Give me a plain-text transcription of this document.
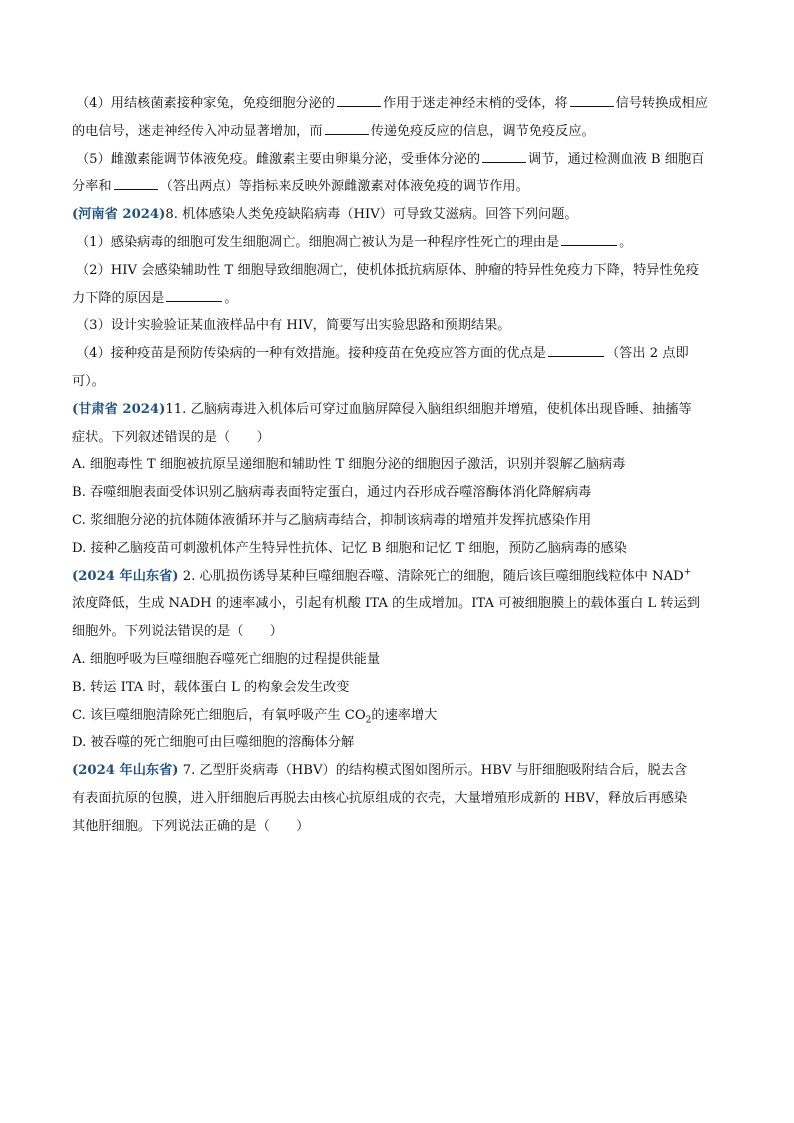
（4）用结核菌素接种家兔，免疫细胞分泌的	作用于迷走神经末梢的受体，将	信号转换成相应
的电信号，迷走神经传入冲动显著增加，而	传递免疫反应的信息，调节免疫反应。
（5）雌激素能调节体液免疫。雌激素主要由卵巢分泌，受垂体分泌的	调节，通过检测血液 B 细胞百
分率和	（答出两点）等指标来反映外源雌激素对体液免疫的调节作用。
(河南省 2024)8. 机体感染人类免疫缺陷病毒（HIV）可导致艾滋病。回答下列问题。
（1）感染病毒的细胞可发生细胞凋亡。细胞凋亡被认为是一种程序性死亡的理由是	。
（2）HIV 会感染辅助性 T 细胞导致细胞凋亡，使机体抵抗病原体、肿瘤的特异性免疫力下降，特异性免疫
力下降的原因是	。
（3）设计实验验证某血液样品中有 HIV，简要写出实验思路和预期结果。
（4）接种疫苗是预防传染病的一种有效措施。接种疫苗在免疫应答方面的优点是	（答出 2 点即
可）。
(甘肃省 2024)11. 乙脑病毒进入机体后可穿过血脑屏障侵入脑组织细胞并增殖，使机体出现昏睡、抽搐等
症状。下列叙述错误的是（　　）
A. 细胞毒性 T 细胞被抗原呈递细胞和辅助性 T 细胞分泌的细胞因子激活，识别并裂解乙脑病毒
B. 吞噬细胞表面受体识别乙脑病毒表面特定蛋白，通过内吞形成吞噬溶酶体消化降解病毒
C. 浆细胞分泌的抗体随体液循环并与乙脑病毒结合，抑制该病毒的增殖并发挥抗感染作用
D. 接种乙脑疫苗可刺激机体产生特异性抗体、记忆 B 细胞和记忆 T 细胞，预防乙脑病毒的感染
(2024 年山东省) 2. 心肌损伤诱导某种巨噬细胞吞噬、清除死亡的细胞，随后该巨噬细胞线粒体中 NAD+
浓度降低，生成 NADH 的速率减小，引起有机酸 ITA 的生成增加。ITA 可被细胞膜上的载体蛋白 L 转运到
细胞外。下列说法错误的是（　　）
A. 细胞呼吸为巨噬细胞吞噬死亡细胞的过程提供能量
B. 转运 ITA 时，载体蛋白 L 的构象会发生改变
C. 该巨噬细胞清除死亡细胞后，有氧呼吸产生 $CO_2$的速率增大
D. 被吞噬的死亡细胞可由巨噬细胞的溶酶体分解
(2024 年山东省) 7. 乙型肝炎病毒（HBV）的结构模式图如图所示。HBV 与肝细胞吸附结合后，脱去含
有表面抗原的包膜，进入肝细胞后再脱去由核心抗原组成的衣壳，大量增殖形成新的 HBV，释放后再感染
其他肝细胞。下列说法正确的是（　　）
